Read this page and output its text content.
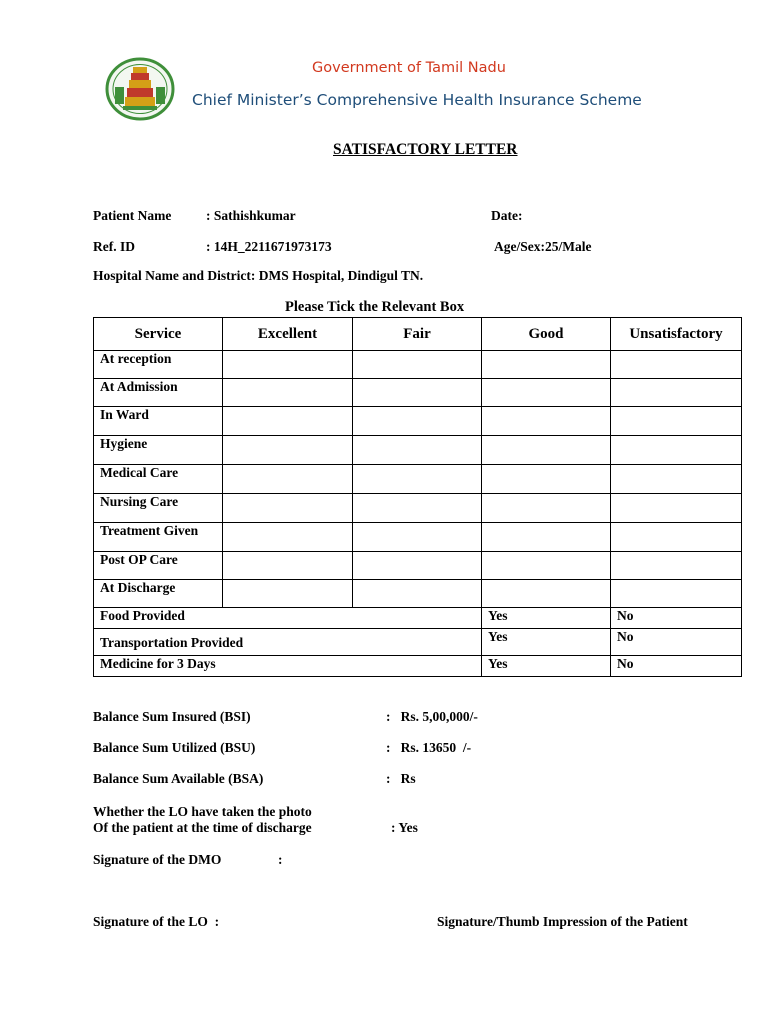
Government of Tamil Nadu
Chief Minister’s Comprehensive Health Insurance Scheme
SATISFACTORY LETTER
Patient Name	: Sathishkumar	Date:
Ref. ID	: 14H_2211671973173	Age/Sex:25/Male
Hospital Name and District: DMS Hospital, Dindigul TN.
Please Tick the Relevant Box
Service	Excellent	Fair	Good	Unsatisfactory
At reception				
At Admission				
In Ward				
Hygiene				
Medical Care				
Nursing Care				
Treatment Given				
Post OP Care				
At Discharge				
Food Provided			Yes	No
Transportation Provided			Yes	No
Medicine for 3 Days			Yes	No
Balance Sum Insured (BSI)	:   Rs. 5,00,000/-
Balance Sum Utilized (BSU)	:   Rs. 13650  /-
Balance Sum Available (BSA)	:   Rs
Whether the LO have taken the photo
Of the patient at the time of discharge	: Yes
Signature of the DMO	:
Signature of the LO  :	Signature/Thumb Impression of the Patient
